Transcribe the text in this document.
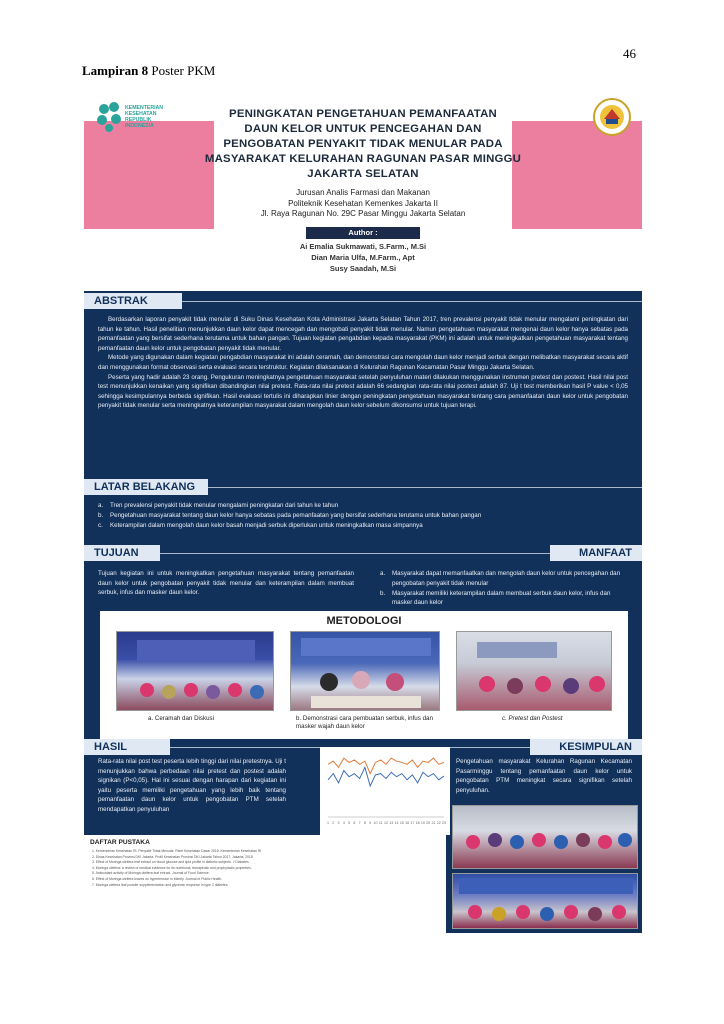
46
Lampiran 8 Poster PKM
KEMENTERIAN
KESEHATAN
REPUBLIK
INDONESIA
PENINGKATAN PENGETAHUAN PEMANFAATAN
DAUN KELOR UNTUK PENCEGAHAN DAN
PENGOBATAN PENYAKIT TIDAK MENULAR PADA
MASYARAKAT KELURAHAN RAGUNAN PASAR MINGGU
JAKARTA SELATAN
Jurusan Analis Farmasi dan Makanan
Politeknik Kesehatan Kemenkes Jakarta II
Jl. Raya Ragunan No. 29C Pasar Minggu Jakarta Selatan
Author :
Ai Emalia Sukmawati, S.Farm., M.Si
Dian Maria Ulfa, M.Farm., Apt
Susy Saadah, M.Si
ABSTRAK

Berdasarkan laporan penyakit tidak menular di Suku Dinas Kesehatan Kota Administrasi Jakarta Selatan Tahun 2017, tren prevalensi penyakit tidak menular mengalami peningkatan dari tahun ke tahun. Hasil penelitian menunjukkan daun kelor dapat mencegah dan mengobati penyakit tidak menular. Namun pengetahuan masyarakat mengenai daun kelor hanya sebatas pada pemanfaatan yang bersifat sederhana terutama untuk bahan pangan. Tujuan kegiatan pengabdian kepada masyarakat (PKM) ini adalah untuk meningkatkan pengetahuan masyarakat tentang pemanfaatan daun kelor untuk pengobatan penyakit tidak menular.

Metode yang digunakan dalam kegiatan pengabdian masyarakat ini adalah ceramah, dan demonstrasi cara mengolah daun kelor menjadi serbuk dengan melibatkan masyarakat secara aktif dan menggunakan format observasi serta evaluasi secara terstruktur. Kegiatan dilaksanakan di Kelurahan Ragunan Kecamatan Pasar Minggu Jakarta Selatan.

Peserta yang hadir adalah 23 orang. Pengukuran meningkatnya pengetahuan masyarakat setelah penyuluhan materi dilakukan menggunakan instrumen pretest dan postest. Hasil nilai post test menunjukkan kenaikan yang signifikan dibandingkan nilai pretest. Rata-rata nilai pretest adalah 66 sedangkan rata-rata nilai postest adalah 87. Uji t test memberikan hasil P value < 0,05 sehingga kesimpulannya berbeda signifikan. Hasil evaluasi tertulis ini diharapkan linier dengan peningkatan pengetahuan masyarakat tentang cara pemanfaatan daun kelor untuk pengobatan penyakit tidak menular serta meningkatnya keterampilan masyarakat dalam mengolah daun kelor sebelum dikonsumsi untuk tujuan terapi.

LATAR BELAKANG
a.	Tren prevalensi penyakit tidak menular mengalami peningkatan dari tahun ke tahun
b.	Pengetahuan masyarakat tentang daun kelor hanya sebatas pada pemanfaatan yang bersifat sederhana terutama untuk bahan pangan
c.	Keterampilan dalam mengolah daun kelor basah menjadi serbuk diperlukan untuk meningkatkan masa simpannya
TUJUAN	MANFAAT
Tujuan kegiatan ini untuk meningkatkan pengetahuan masyarakat tentang pemanfaatan daun kelor untuk pengobatan penyakit tidak menular dan keterampilan dalam membuat serbuk, infus dan masker daun kelor.
a.	Masyarakat dapat memanfaatkan dan mengolah daun kelor untuk pencegahan dan pengobatan penyakit tidak menular
b.	Masyarakat memiliki keterampilan dalam membuat serbuk daun kelor, infus dan masker daun kelor
METODOLOGI
a. Ceramah dan Diskusi	b. Demonstrasi cara pembuatan serbuk, infus dan masker wajah daun kelor
c. Pretest dan Postest
HASIL
Rata-rata nilai post test peserta lebih tinggi dari nilai pretestnya. Uji t menunjukkan bahwa perbedaan nilai pretest dan postest adalah signikan (P<0,05). Hal ini sesuai dengan harapan dari kegiatan ini yaitu peserta memiliki pengetahuan yang lebih baik tentang pemanfaatan daun kelor untuk pengobatan PTM setelah mendapatkan penyuluhan
1 2 3 4 5 6 7 8 9 10 11 12 13 14 15 16 17 18 19 20 21 22 23
KESIMPULAN
Pengetahuan masyarakat Kelurahan Ragunan Kecamatan Pasarminggu tentang pemanfaatan daun kelor untuk pengobatan PTM meningkat secara signifikan setelah penyuluhan.
DAFTAR PUSTAKA
1. Kementerian Kesehatan RI. Penyakit Tidak Menular. Riset Kesehatan Dasar 2018. Kementerian Kesehatan RI
2. Dinas Kesehatan Provinsi DKI Jakarta. Profil Kesehatan Provinsi DKI Jakarta Tahun 2017. Jakarta; 2018
3. Effect of Moringa oleifera leaf extract on blood glucose and lipid profile in diabetic subjects. J Diabetes.
4. Moringa oleifera: a review of medical evidence for its nutritional, therapeutic and prophylactic properties.
5. Antioxidant activity of Moringa oleifera leaf extract. Journal of Food Science.
6. Effect of Moringa oleifera leaves on hypertension in elderly. Journal of Public Health.
7. Moringa oleifera leaf powder supplementation and glycemic response in type 2 diabetes.
